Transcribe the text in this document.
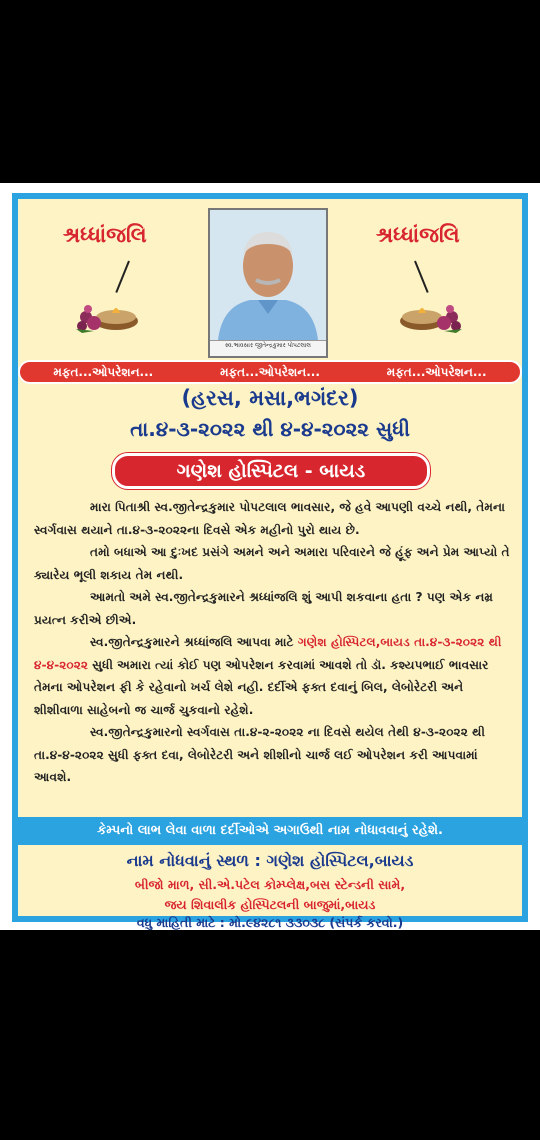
શ્રધ્ધાંજલિ	શ્રધ્ધાંજલિ
સ્વ.ભાવસાર જીતેન્દ્રકુમાર પોપટલાલ
મફત...ઓપરેશન...	મફત...ઓપરેશન...	મફત...ઓપરેશન...
(હરસ, મસા,ભગંદર)
તા.૪-૩-૨૦૨૨ થી ૪-૪-૨૦૨૨ સુધી
ગણેશ હોસ્પિટલ - બાયડ

મારા પિતાશ્રી સ્વ.જીતેન્દ્રકુમાર પોપટલાલ ભાવસાર, જે હવે આપણી વચ્ચે નથી, તેમના સ્વર્ગવાસ થયાને તા.૪-૩-૨૦૨૨ના દિવસે એક મહીનો પુરો થાય છે.

તમો બધાએ આ દુઃખદ પ્રસંગે અમને અને અમારા પરિવારને જે હૂંફ અને પ્રેમ આપ્યો તે ક્યારેય ભૂલી શકાય તેમ નથી.

આમતો અમે સ્વ.જીતેન્દ્રકુમારને શ્રધ્ધાંજલિ શું આપી શકવાના હતા ? પણ એક નમ્ર પ્રયત્ન કરીએ છીએ.

સ્વ.જીતેન્દ્રકુમારને શ્રધ્ધાંજલિ આપવા માટે ગણેશ હોસ્પિટલ,બાયડ તા.૪-૩-૨૦૨૨ થી ૪-૪-૨૦૨૨ સુધી અમારા ત્યાં કોઈ પણ ઓપરેશન કરવામાં આવશે તો ડૉ. કશ્યપભાઈ ભાવસાર તેમના ઓપરેશન ફી કે રહેવાનો ખર્ચ લેશે નહી. દર્દીએ ફક્ત દવાનું બિલ, લેબોરેટરી અને શીશીવાળા સાહેબનો જ ચાર્જ ચુકવાનો રહેશે.

સ્વ.જીતેન્દ્રકુમારનો સ્વર્ગવાસ તા.૪-૨-૨૦૨૨ ના દિવસે થયેલ તેથી ૪-૩-૨૦૨૨ થી તા.૪-૪-૨૦૨૨ સુધી ફક્ત દવા, લેબોરેટરી અને શીશીનો ચાર્જ લઈ ઓપરેશન કરી આપવામાં આવશે.

કેમ્પનો લાભ લેવા વાળા દર્દીઓએ અગાઉથી નામ નોધાવવાનું રહેશે.
નામ નોધવાનું સ્થળ : ગણેશ હોસ્પિટલ,બાયડ
બીજો માળ, સી.એ.પટેલ કોમ્પ્લેક્ષ,બસ સ્ટેન્ડની સામે,
જય શિવાલીક હોસ્પિટલની બાજુમાં,બાયડ
વધુ માહિતી માટે : મો.૯૪૨૮૧ ૩૩૦૩૮ (સંપર્ક કરવો.)
